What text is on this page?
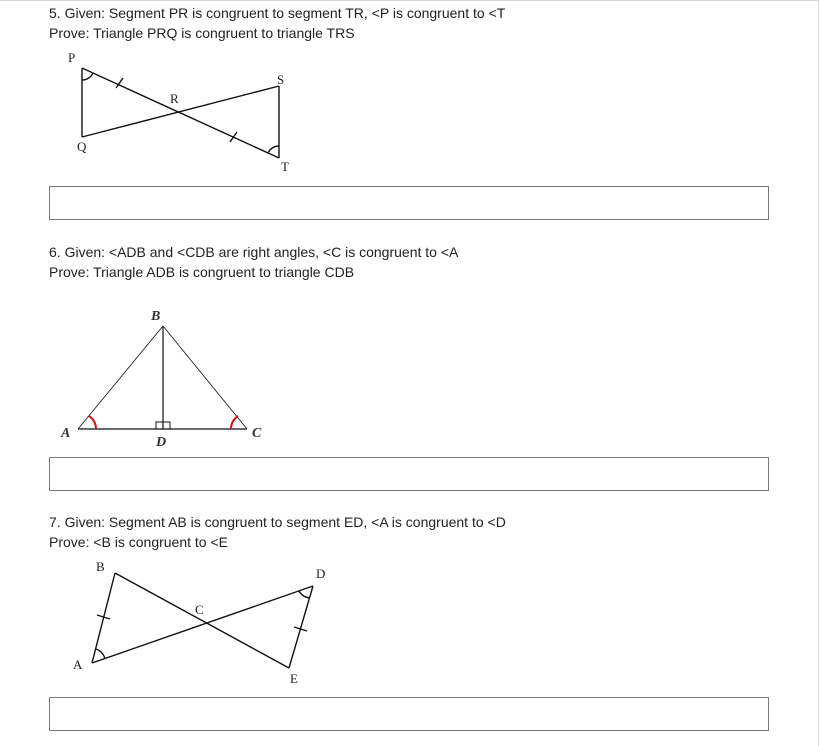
5. Given: Segment PR is congruent to segment TR, <P is congruent to <T
Prove: Triangle PRQ is congruent to triangle TRS
P
R
S
Q
T
B
A	C
D
B	D
C
A
E
6. Given: <ADB and <CDB are right angles, <C is congruent to <A
Prove: Triangle ADB is congruent to triangle CDB
7. Given: Segment AB is congruent to segment ED, <A is congruent to <D
Prove: <B is congruent to <E
